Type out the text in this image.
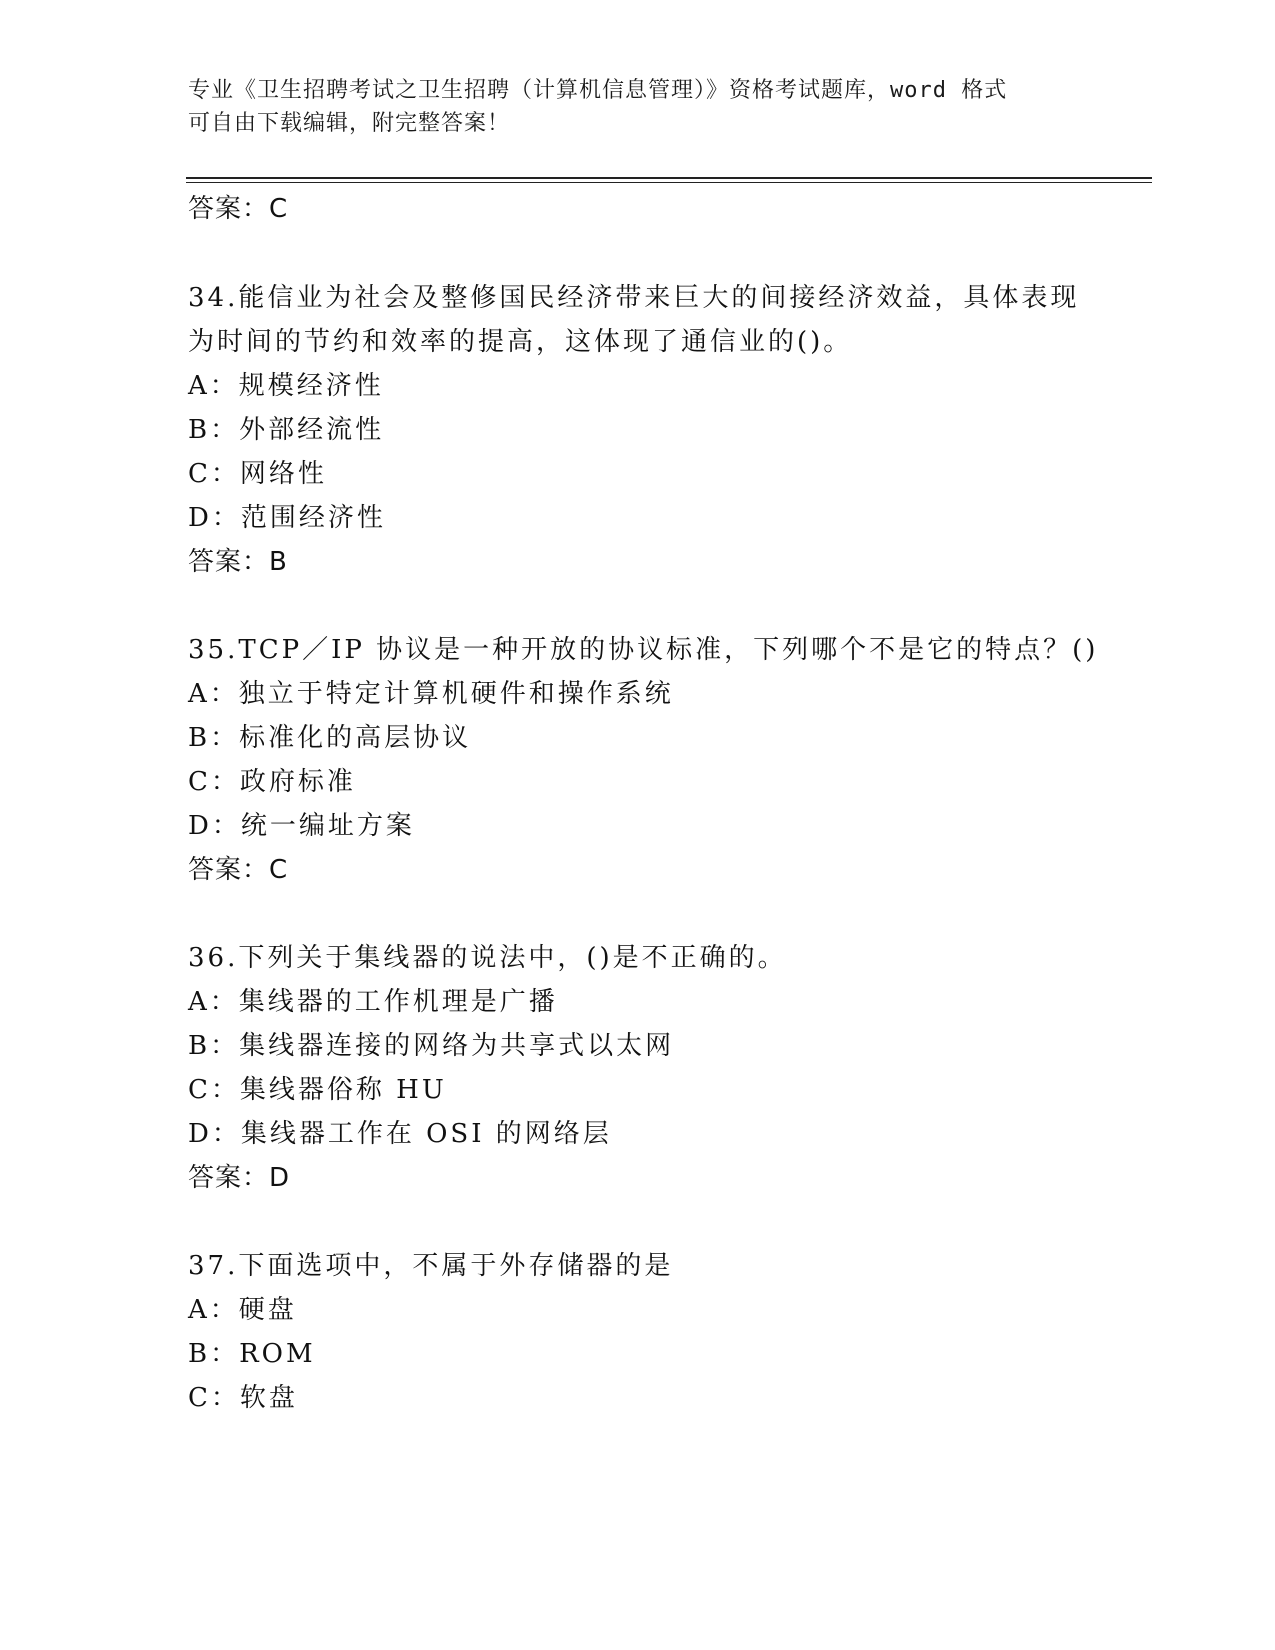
专业《卫生招聘考试之卫生招聘（计算机信息管理）》资格考试题库，word 格式
可自由下载编辑，附完整答案！
答案：C
34.能信业为社会及整修国民经济带来巨大的间接经济效益，具体表现
为时间的节约和效率的提高，这体现了通信业的()。
A：规模经济性
B：外部经流性
C：网络性
D：范围经济性
答案：B
35.TCP／IP 协议是一种开放的协议标准，下列哪个不是它的特点？()
A：独立于特定计算机硬件和操作系统
B：标准化的高层协议
C：政府标准
D：统一编址方案
答案：C
36.下列关于集线器的说法中，()是不正确的。
A：集线器的工作机理是广播
B：集线器连接的网络为共享式以太网
C：集线器俗称 HU
D：集线器工作在 OSI 的网络层
答案：D
37.下面选项中，不属于外存储器的是
A：硬盘
B：ROM
C：软盘
